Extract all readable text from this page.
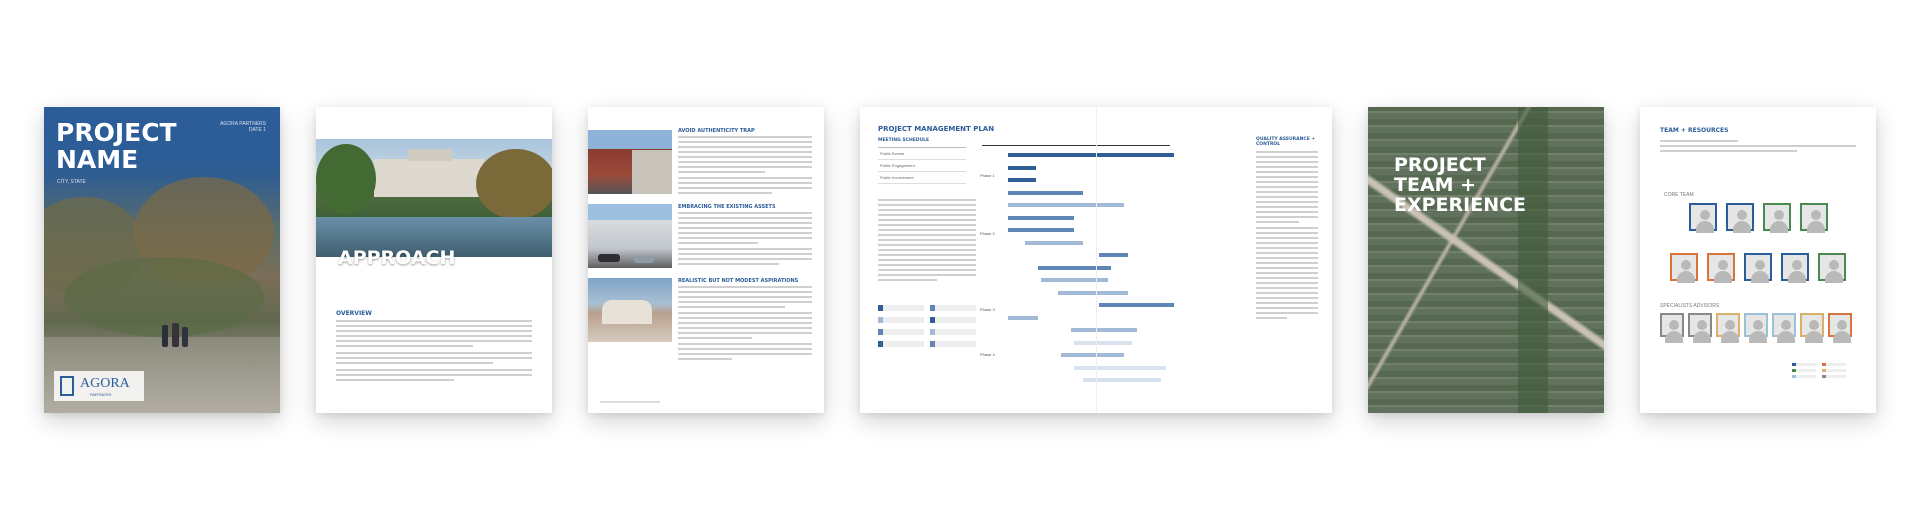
PROJECT
NAME
CITY, STATE
AGORA PARTNERS
DATE 1
AGORA
PARTNERS
APPROACH
OVERVIEW
AVOID AUTHENTICITY TRAP
EMBRACING THE EXISTING ASSETS
REALISTIC BUT NOT MODEST ASPIRATIONS
PROJECT MANAGEMENT PLAN
MEETING SCHEDULE
Public Events
Public Engagement
Public Involvement	Phase 1
Phase 2
Phase 3
Phase 4
QUALITY ASSURANCE + CONTROL
PROJECT
TEAM +
EXPERIENCE
TEAM + RESOURCES
CORE TEAM
SPECIALISTS ADVISORS
